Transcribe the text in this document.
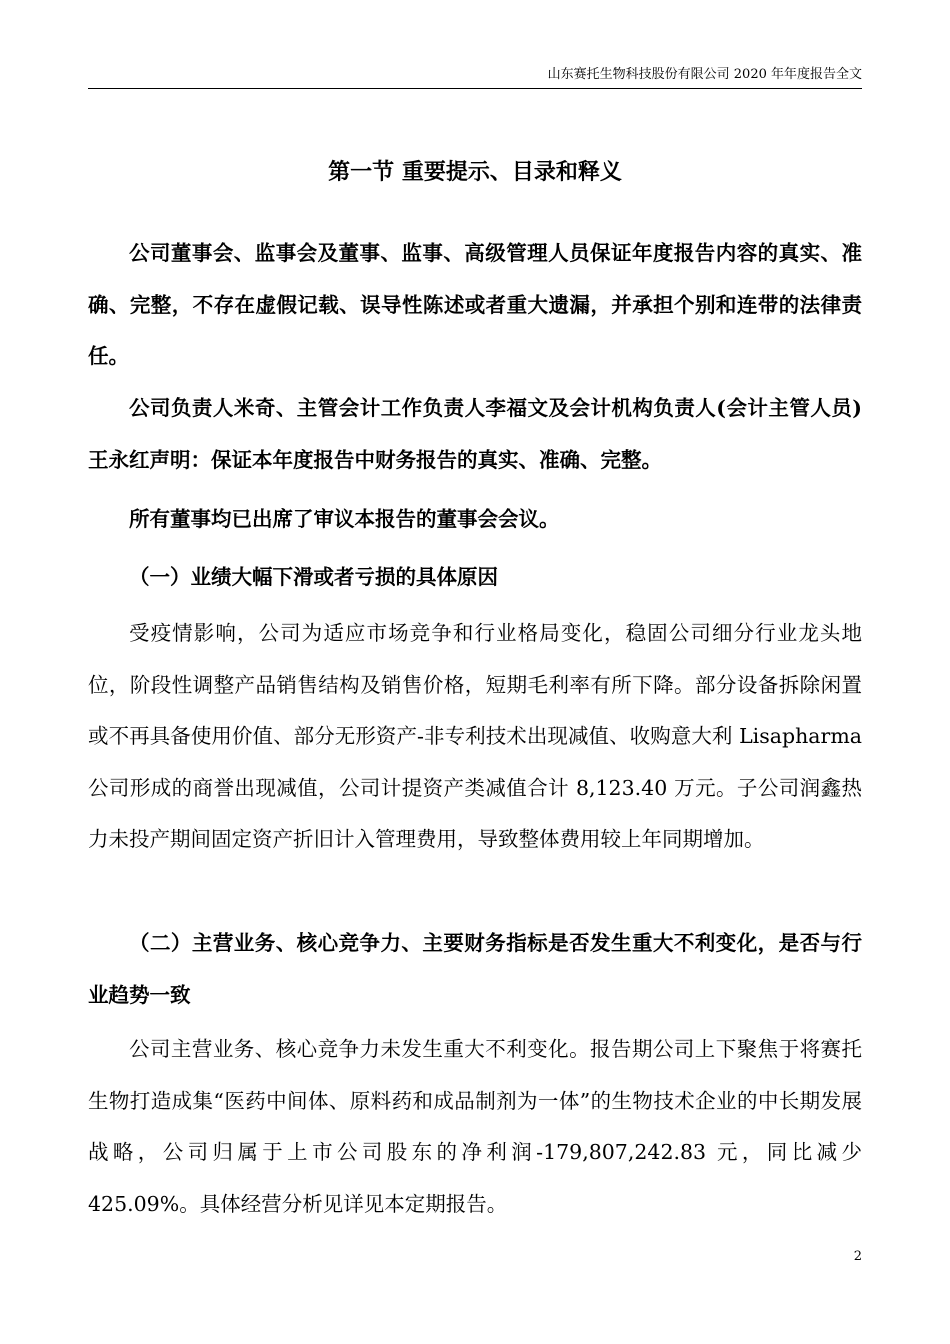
山东赛托生物科技股份有限公司 2020 年年度报告全文
第一节 重要提示、目录和释义

公司董事会、监事会及董事、监事、高级管理人员保证年度报告内容的真实、准确、完整，不存在虚假记载、误导性陈述或者重大遗漏，并承担个别和连带的法律责任。

公司负责人米奇、主管会计工作负责人李福文及会计机构负责人(会计主管人员)王永红声明：保证本年度报告中财务报告的真实、准确、完整。

所有董事均已出席了审议本报告的董事会会议。

（一）业绩大幅下滑或者亏损的具体原因

受疫情影响，公司为适应市场竞争和行业格局变化，稳固公司细分行业龙头地位，阶段性调整产品销售结构及销售价格，短期毛利率有所下降。部分设备拆除闲置或不再具备使用价值、部分无形资产-非专利技术出现减值、收购意大利 Lisapharma 公司形成的商誉出现减值，公司计提资产类减值合计 8,123.40 万元。子公司润鑫热力未投产期间固定资产折旧计入管理费用，导致整体费用较上年同期增加。

（二）主营业务、核心竞争力、主要财务指标是否发生重大不利变化，是否与行业趋势一致

公司主营业务、核心竞争力未发生重大不利变化。报告期公司上下聚焦于将赛托生物打造成集“医药中间体、原料药和成品制剂为一体”的生物技术企业的中长期发展战略，公司归属于上市公司股东的净利润-179,807,242.83 元，同比减少 425.09%。具体经营分析见详见本定期报告。

2
